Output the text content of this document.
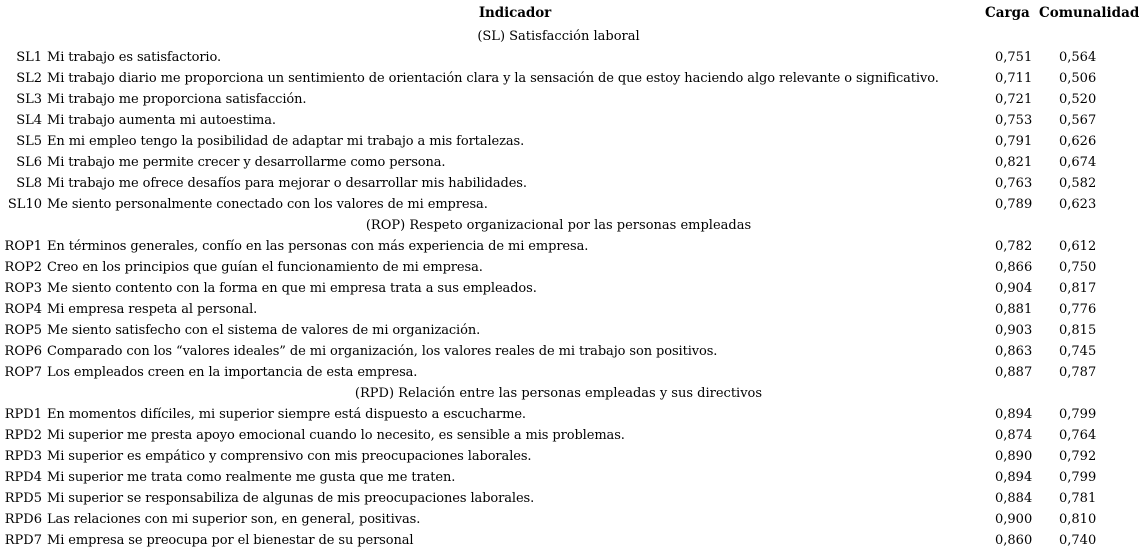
	Indicador	Carga	Comunalidad
(SL) Satisfacción laboral			
SL1	Mi trabajo es satisfactorio.	0,751	0,564
SL2	Mi trabajo diario me proporciona un sentimiento de orientación clara y la sensación de que estoy haciendo algo relevante o significativo.	0,711	0,506
SL3	Mi trabajo me proporciona satisfacción.	0,721	0,520
SL4	Mi trabajo aumenta mi autoestima.	0,753	0,567
SL5	En mi empleo tengo la posibilidad de adaptar mi trabajo a mis fortalezas.	0,791	0,626
SL6	Mi trabajo me permite crecer y desarrollarme como persona.	0,821	0,674
SL8	Mi trabajo me ofrece desafíos para mejorar o desarrollar mis habilidades.	0,763	0,582
SL10	Me siento personalmente conectado con los valores de mi empresa.	0,789	0,623
(ROP) Respeto organizacional por las personas empleadas			
ROP1	En términos generales, confío en las personas con más experiencia de mi empresa.	0,782	0,612
ROP2	Creo en los principios que guían el funcionamiento de mi empresa.	0,866	0,750
ROP3	Me siento contento con la forma en que mi empresa trata a sus empleados.	0,904	0,817
ROP4	Mi empresa respeta al personal.	0,881	0,776
ROP5	Me siento satisfecho con el sistema de valores de mi organización.	0,903	0,815
ROP6	Comparado con los “valores ideales” de mi organización, los valores reales de mi trabajo son positivos.	0,863	0,745
ROP7	Los empleados creen en la importancia de esta empresa.	0,887	0,787
(RPD) Relación entre las personas empleadas y sus directivos			
RPD1	En momentos difíciles, mi superior siempre está dispuesto a escucharme.	0,894	0,799
RPD2	Mi superior me presta apoyo emocional cuando lo necesito, es sensible a mis problemas.	0,874	0,764
RPD3	Mi superior es empático y comprensivo con mis preocupaciones laborales.	0,890	0,792
RPD4	Mi superior me trata como realmente me gusta que me traten.	0,894	0,799
RPD5	Mi superior se responsabiliza de algunas de mis preocupaciones laborales.	0,884	0,781
RPD6	Las relaciones con mi superior son, en general, positivas.	0,900	0,810
RPD7	Mi empresa se preocupa por el bienestar de su personal	0,860	0,740
